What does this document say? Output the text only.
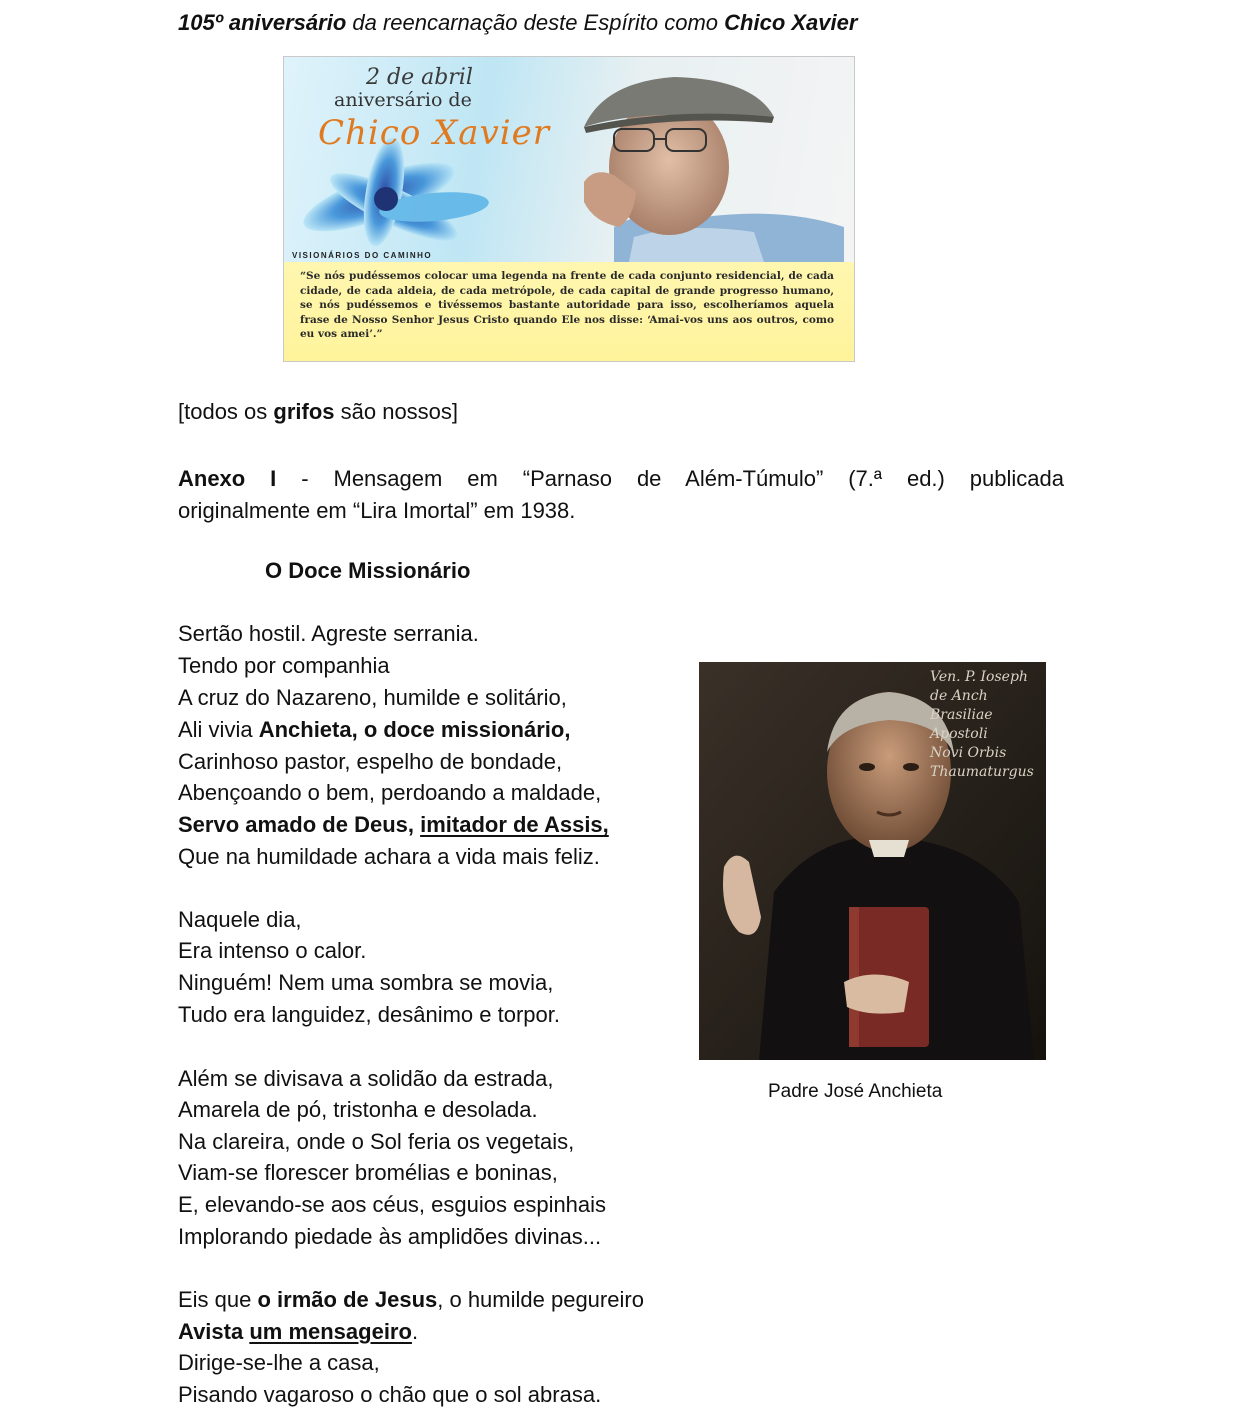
105º aniversário da reencarnação deste Espírito como Chico Xavier
2 de abril
aniversário de
Chico Xavier
VISIONÁRIOS DO CAMINHO
“Se nós pudéssemos colocar uma legenda na frente de cada conjunto residencial, de cada cidade, de cada aldeia, de cada metrópole, de cada capital de grande progresso humano, se nós pudéssemos e tivéssemos bastante autoridade para isso, escolheríamos aquela frase de Nosso Senhor Jesus Cristo quando Ele nos disse: ‘Amai-vos uns aos outros, como eu vos amei’.”
[todos os grifos são nossos]
Anexo I - Mensagem em “Parnaso de Além-Túmulo” (7.ª ed.) publicada
originalmente em “Lira Imortal” em 1938.
O Doce Missionário
Sertão hostil. Agreste serrania.
Tendo por companhia
A cruz do Nazareno, humilde e solitário,
Ali vivia Anchieta, o doce missionário,
Carinhoso pastor, espelho de bondade,
Abençoando o bem, perdoando a maldade,
Servo amado de Deus, imitador de Assis,
Que na humildade achara a vida mais feliz.
Naquele dia,
Era intenso o calor.
Ninguém! Nem uma sombra se movia,
Tudo era languidez, desânimo e torpor.
Além se divisava a solidão da estrada,
Amarela de pó, tristonha e desolada.
Na clareira, onde o Sol feria os vegetais,
Viam-se florescer bromélias e boninas,
E, elevando-se aos céus, esguios espinhais
Implorando piedade às amplidões divinas...
Eis que o irmão de Jesus, o humilde pegureiro
Avista um mensageiro.
Dirige-se-lhe a casa,
Pisando vagaroso o chão que o sol abrasa.
Ven. P. Ioseph de Anch
Brasiliae Apostoli
Novi Orbis
Thaumaturgus
Padre José Anchieta
